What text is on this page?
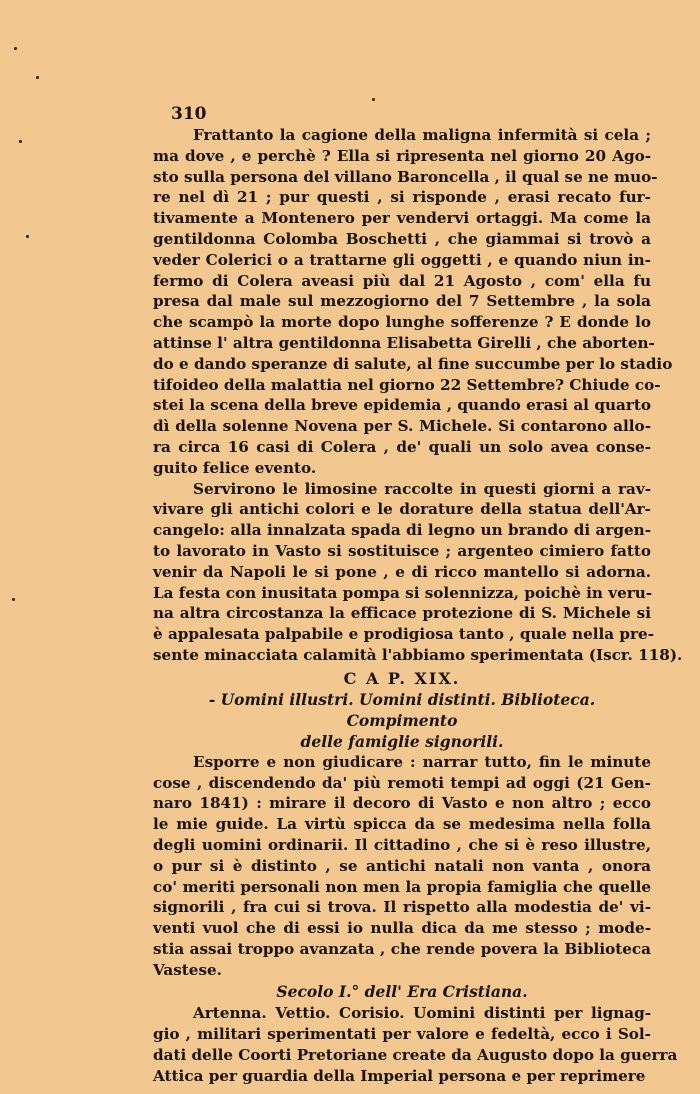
310
Frattanto la cagione della maligna infermità si cela ;
ma dove , e perchè ? Ella si ripresenta nel giorno 20 Ago-
sto sulla persona del villano Baroncella , il qual se ne muo-
re nel dì 21 ; pur questi , si risponde , erasi recato fur-
tivamente a Montenero per vendervi ortaggi. Ma come la
gentildonna Colomba Boschetti , che giammai si trovò a
veder Colerici o a trattarne gli oggetti , e quando niun in-
fermo di Colera aveasi più dal 21 Agosto , com' ella fu
presa dal male sul mezzogiorno del 7 Settembre , la sola
che scampò la morte dopo lunghe sofferenze ? E donde lo
attinse l' altra gentildonna Elisabetta Girelli , che aborten-
do e dando speranze di salute, al fine succumbe per lo stadio
tifoideo della malattia nel giorno 22 Settembre? Chiude co-
stei la scena della breve epidemia , quando erasi al quarto
dì della solenne Novena per S. Michele. Si contarono allo-
ra circa 16 casi di Colera , de' quali un solo avea conse-
guito felice evento.
Servirono le limosine raccolte in questi giorni a rav-
vivare gli antichi colori e le dorature della statua dell'Ar-
cangelo: alla innalzata spada di legno un brando di argen-
to lavorato in Vasto si sostituisce ; argenteo cimiero fatto
venir da Napoli le si pone , e di ricco mantello si adorna.
La festa con inusitata pompa si solennizza, poichè in veru-
na altra circostanza la efficace protezione di S. Michele si
è appalesata palpabile e prodigiosa tanto , quale nella pre-
sente minacciata calamità l'abbiamo sperimentata (Iscr. 118).
C A P. XIX.
- Uomini illustri. Uomini distinti. Biblioteca. Compimento
delle famiglie signorili.
Esporre e non giudicare : narrar tutto, fin le minute
cose , discendendo da' più remoti tempi ad oggi (21 Gen-
naro 1841) : mirare il decoro di Vasto e non altro ; ecco
le mie guide. La virtù spicca da se medesima nella folla
degli uomini ordinarii. Il cittadino , che si è reso illustre,
o pur si è distinto , se antichi natali non vanta , onora
co' meriti personali non men la propia famiglia che quelle
signorili , fra cui si trova. Il rispetto alla modestia de' vi-
venti vuol che di essi io nulla dica da me stesso ; mode-
stia assai troppo avanzata , che rende povera la Biblioteca
Vastese.
Secolo I.° dell' Era Cristiana.
Artenna. Vettio. Corisio. Uomini distinti per lignag-
gio , militari sperimentati per valore e fedeltà, ecco i Sol-
dati delle Coorti Pretoriane create da Augusto dopo la guerra
Attica per guardia della Imperial persona e per reprimere
